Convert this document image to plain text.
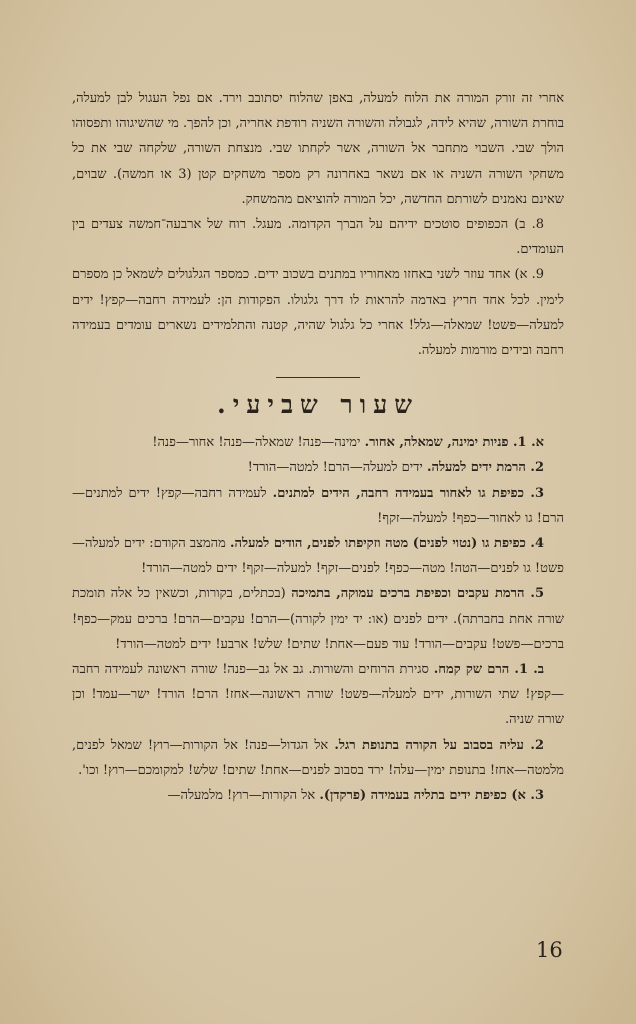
אחרי זה זורק המורה את הלוח למעלה, באפן שהלוח יסתובב וירד. אם נפל העגול לבן למעלה, בוחרת השורה, שהיא לידה, לגבולה והשורה השניה רודפת אחריה, וכן להפך. מי שהשיגוהו ותפסוהו הולך שבי. השבוי מתחבר אל השורה, אשר לקחתו שבי. מנצחת השורה, שלקחה שבי את כל משחקי השורה השניה או אם נשאר באחרונה רק מספר משחקים קטן (3 או חמשה). שבוים, שאינם נאמנים לשורתם החדשה, יכל המורה להוציאם מהמשחק.

8. ב) הכפופים סוטכים ידיהם על הברך הקדומה. מעגל. רוח של ארבעה־חמשה צעדים בין העומדים.

9. א) אחד עוזר לשני באחזו מאחוריו במתנים בשכוב ידים. כמספר הגלגולים לשמאל כן מספרם לימין. לכל אחד חריץ באדמה להראות לו דרך גלגולו. הפקודות הן: לעמידה רחבה—קפץ! ידים למעלה—פשט! שמאלה—גלל! אחרי כל גלגול שהיה, קטנה והתלמידים נשארים עומדים בעמידה רחבה ובידים מורמות למעלה.

שעור שביעי.

א. 1. פניות ימינה, שמאלה, אחור. ימינה—פנה! שמאלה—פנה! אחור—פנה!

2. הרמת ידים למעלה. ידים למעלה—הרם! למטה—הורד!

3. כפיפת גו לאחור בעמידה רחבה, הידים למתנים. לעמידה רחבה—קפץ! ידים למתנים—הרם! גו לאחור—כפף! למעלה—זקף!

4. כפיפת גו (נטוי לפנים) מטה וזקיפתו לפנים, הודים למעלה. מהמצב הקודם: ידים למעלה—פשט! גו לפנים—הטה! מטה—כפף! לפנים—זקף! למעלה—זקף! ידים למטה—הורד!

5. הרמת עקבים וכפיפת ברכים עמוקה, בתמיכה (בכתלים, בקורות, וכשאין כל אלה תומכת שורה אחת בחברתה). ידים לפנים (או: יד ימין לקורה)—הרם! עקבים—הרם! ברכים עמק—כפף! ברכים—פשט! עקבים—הורד! עוד פעם—אחת! שתים! שלש! ארבע! ידים למטה—הורד!

ב. 1. הרם שק קמח. סגירת הרוחים והשורות. גב אל גב—פנה! שורה ראשונה לעמידה רחבה—קפץ! שתי השורות, ידים למעלה—פשט! שורה ראשונה—אחז! הרם! הורד! ישר—עמד! וכן שורה שניה.

2. עליה בסבוב על הקורה בתנופת רגל. אל הגדול—פנה! אל הקורות—רוץ! שמאל לפנים, מלמטה—אחז! בתנופת ימין—עלה! ירד בסבוב לפנים—אחת! שתים! שלש! למקומכם—רוץ! וכו'.

3. א) כפיפת ידים בתליה בעמידה (פרקדן). אל הקורות—רוץ! מלמעלה—

16
